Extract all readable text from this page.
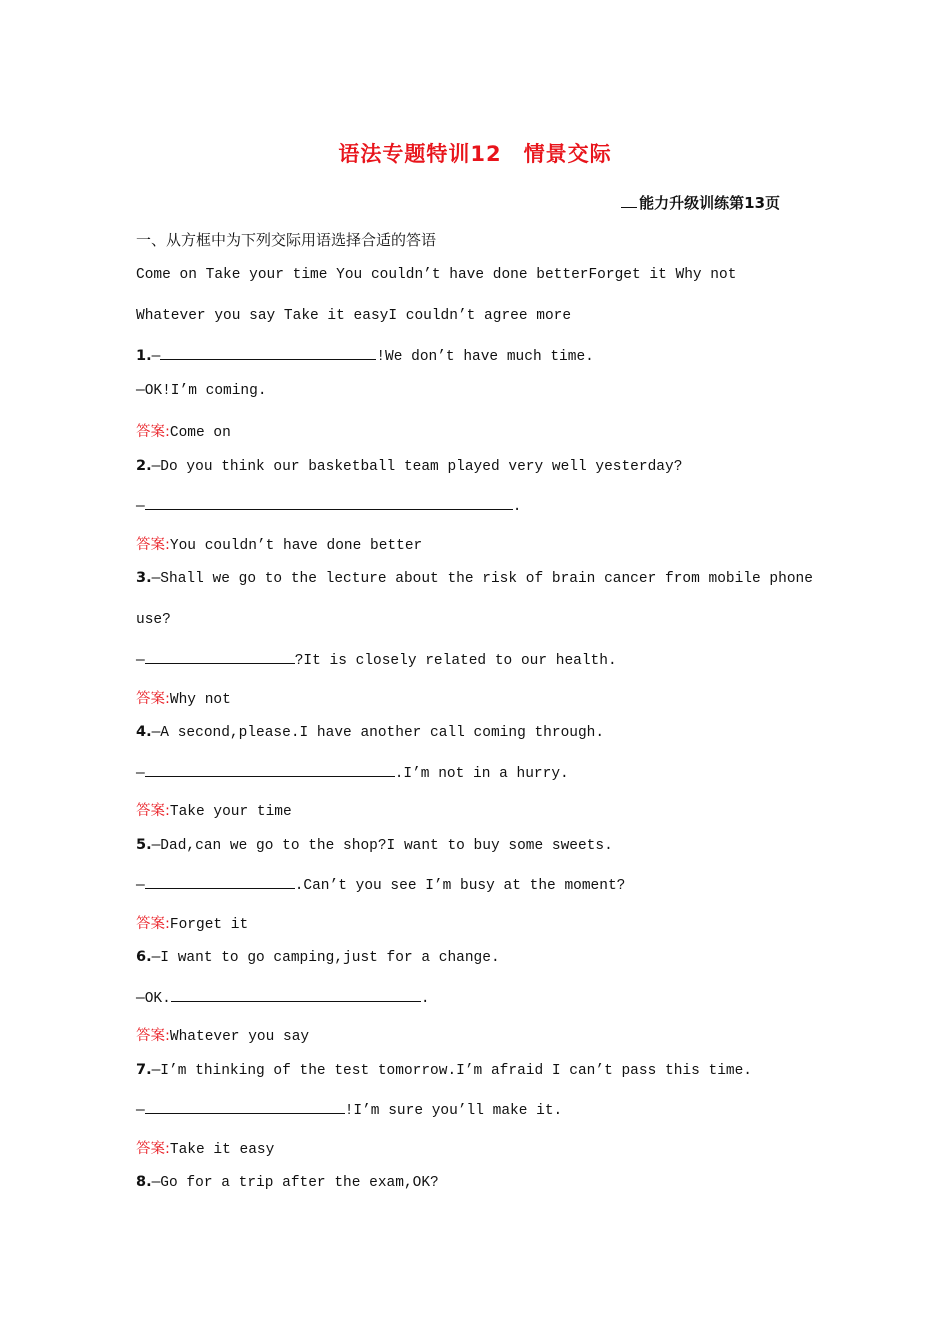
语法专题特训12　情景交际
能力升级训练第13页
一、从方框中为下列交际用语选择合适的答语
Come on Take your time You couldn’t have done betterForget it Why not
Whatever you say Take it easyI couldn’t agree more
1.—	!We don’t have much time.
—OK!I’m coming.
答案:Come on
2.—Do you think our basketball team played very well yesterday?
—	.
答案:You couldn’t have done better
3.—Shall we go to the lecture about the risk of brain cancer from mobile phone
use?
—	?It is closely related to our health.
答案:Why not
4.—A second,please.I have another call coming through.
—	.I’m not in a hurry.
答案:Take your time
5.—Dad,can we go to the shop?I want to buy some sweets.
—	.Can’t you see I’m busy at the moment?
答案:Forget it
6.—I want to go camping,just for a change.
—OK.	.
答案:Whatever you say
7.—I’m thinking of the test tomorrow.I’m afraid I can’t pass this time.
—	!I’m sure you’ll make it.
答案:Take it easy
8.—Go for a trip after the exam,OK?
